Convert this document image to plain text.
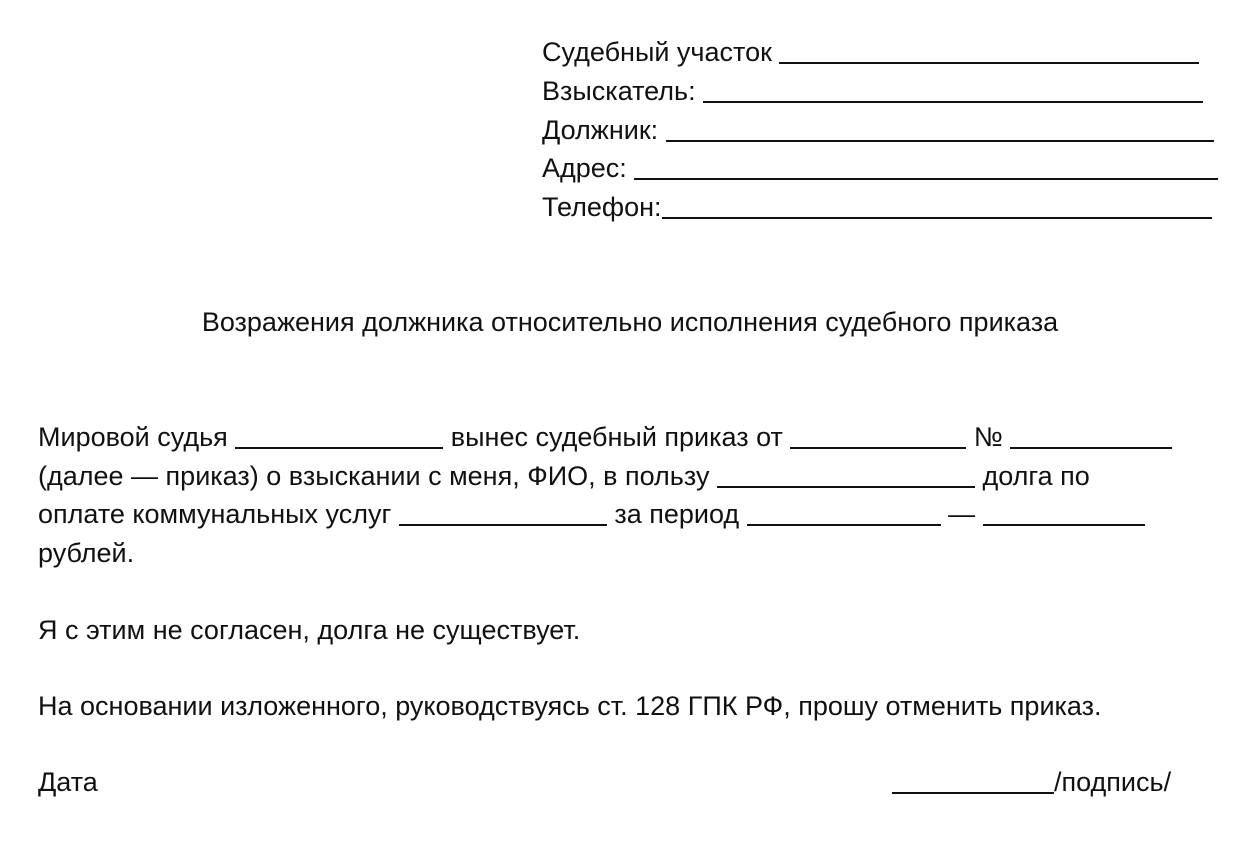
Судебный участок
Взыскатель:
Должник:
Адрес:
Телефон:
Возражения должника относительно исполнения судебного приказа
Мировой судья	вынес судебный приказ от	№
(далее — приказ) о взыскании с меня, ФИО, в пользу	долга по
оплате коммунальных услуг	за период	—
рублей.
Я с этим не согласен, долга не существует.
На основании изложенного, руководствуясь ст. 128 ГПК РФ, прошу отменить приказ.
Дата	/подпись/
